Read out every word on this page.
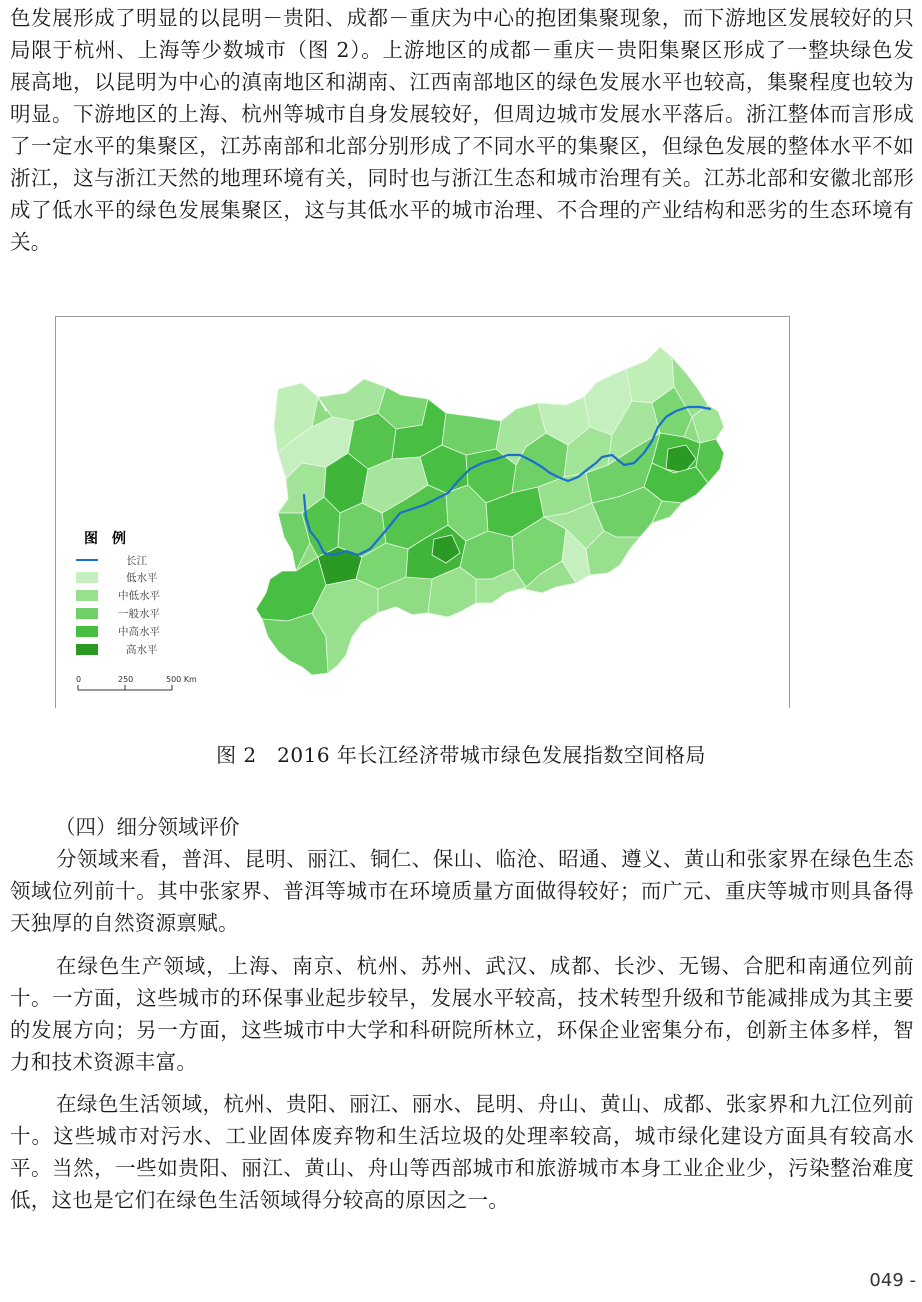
色发展形成了明显的以昆明－贵阳、成都－重庆为中心的抱团集聚现象，而下游地区发展较好的只局限于杭州、上海等少数城市（图 2）。上游地区的成都－重庆－贵阳集聚区形成了一整块绿色发展高地，以昆明为中心的滇南地区和湖南、江西南部地区的绿色发展水平也较高，集聚程度也较为明显。下游地区的上海、杭州等城市自身发展较好，但周边城市发展水平落后。浙江整体而言形成了一定水平的集聚区，江苏南部和北部分别形成了不同水平的集聚区，但绿色发展的整体水平不如浙江，这与浙江天然的地理环境有关，同时也与浙江生态和城市治理有关。江苏北部和安徽北部形成了低水平的绿色发展集聚区，这与其低水平的城市治理、不合理的产业结构和恶劣的生态环境有关。

图　例
长江
低水平
中低水平
一般水平
中高水平
高水平
0	250	500 Km
图 2　2016 年长江经济带城市绿色发展指数空间格局
（四）细分领域评价

分领域来看，普洱、昆明、丽江、铜仁、保山、临沧、昭通、遵义、黄山和张家界在绿色生态领域位列前十。其中张家界、普洱等城市在环境质量方面做得较好；而广元、重庆等城市则具备得天独厚的自然资源禀赋。

在绿色生产领域，上海、南京、杭州、苏州、武汉、成都、长沙、无锡、合肥和南通位列前十。一方面，这些城市的环保事业起步较早，发展水平较高，技术转型升级和节能减排成为其主要的发展方向；另一方面，这些城市中大学和科研院所林立，环保企业密集分布，创新主体多样，智力和技术资源丰富。

在绿色生活领域，杭州、贵阳、丽江、丽水、昆明、舟山、黄山、成都、张家界和九江位列前十。这些城市对污水、工业固体废弃物和生活垃圾的处理率较高，城市绿化建设方面具有较高水平。当然，一些如贵阳、丽江、黄山、舟山等西部城市和旅游城市本身工业企业少，污染整治难度低，这也是它们在绿色生活领域得分较高的原因之一。

049 -
